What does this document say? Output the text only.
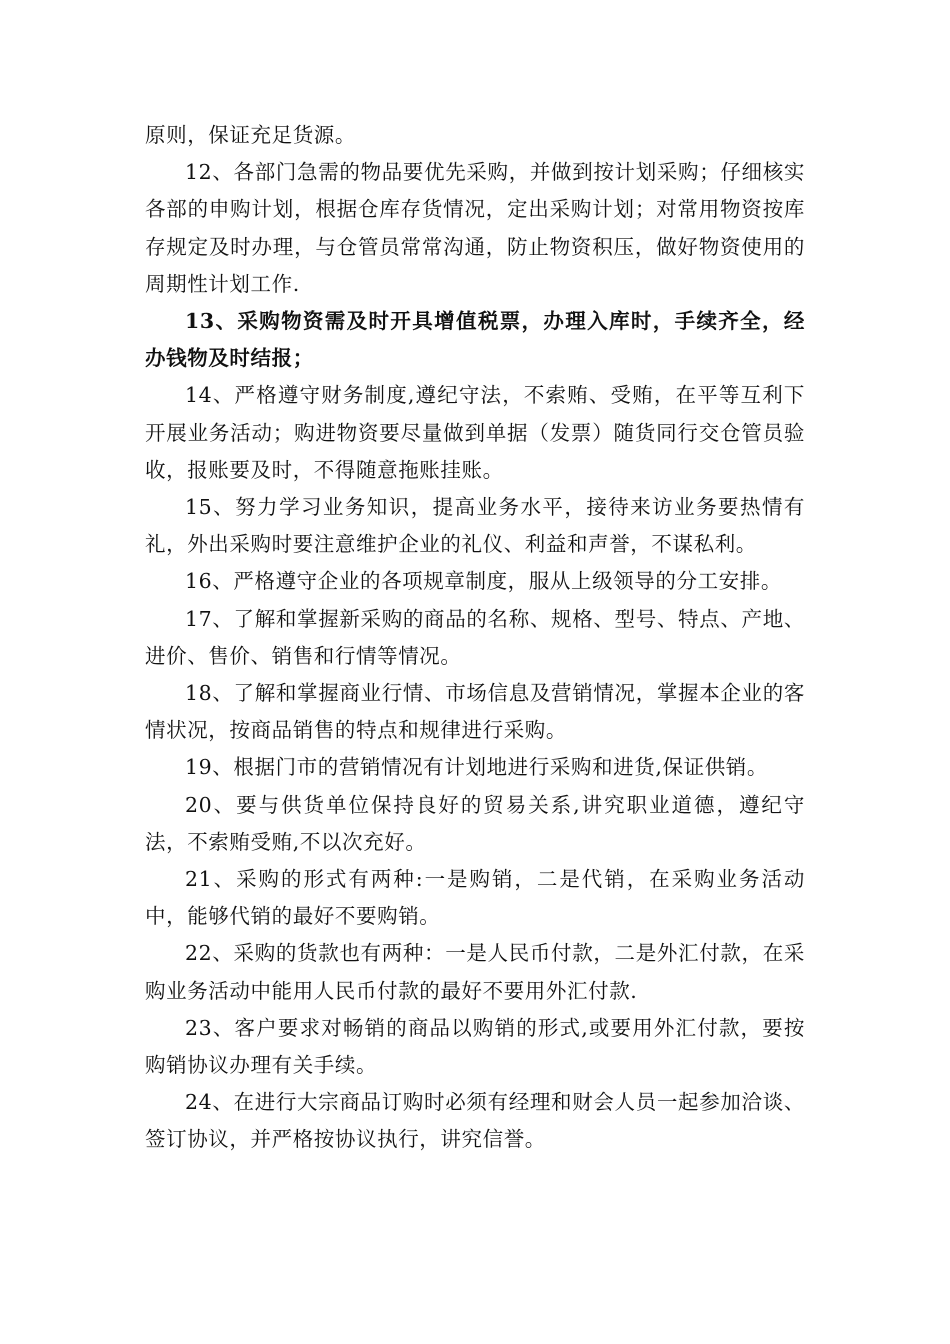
原则，保证充足货源。

12、各部门急需的物品要优先采购，并做到按计划采购；仔细核实各部的申购计划，根据仓库存货情况，定出采购计划；对常用物资按库存规定及时办理，与仓管员常常沟通，防止物资积压，做好物资使用的周期性计划工作.

13、采购物资需及时开具增值税票，办理入库时，手续齐全，经办钱物及时结报；

14、严格遵守财务制度,遵纪守法，不索贿、受贿，在平等互利下开展业务活动；购进物资要尽量做到单据（发票）随货同行交仓管员验收，报账要及时，不得随意拖账挂账。

15、努力学习业务知识，提高业务水平，接待来访业务要热情有礼，外出采购时要注意维护企业的礼仪、利益和声誉，不谋私利。

16、严格遵守企业的各项规章制度，服从上级领导的分工安排。

17、了解和掌握新采购的商品的名称、规格、型号、特点、产地、进价、售价、销售和行情等情况。

18、了解和掌握商业行情、市场信息及营销情况，掌握本企业的客情状况，按商品销售的特点和规律进行采购。

19、根据门市的营销情况有计划地进行采购和进货,保证供销。

20、要与供货单位保持良好的贸易关系,讲究职业道德，遵纪守法，不索贿受贿,不以次充好。

21、采购的形式有两种:一是购销，二是代销，在采购业务活动中，能够代销的最好不要购销。

22、采购的货款也有两种：一是人民币付款，二是外汇付款，在采购业务活动中能用人民币付款的最好不要用外汇付款.

23、客户要求对畅销的商品以购销的形式,或要用外汇付款，要按购销协议办理有关手续。

24、在进行大宗商品订购时必须有经理和财会人员一起参加洽谈、签订协议，并严格按协议执行，讲究信誉。
